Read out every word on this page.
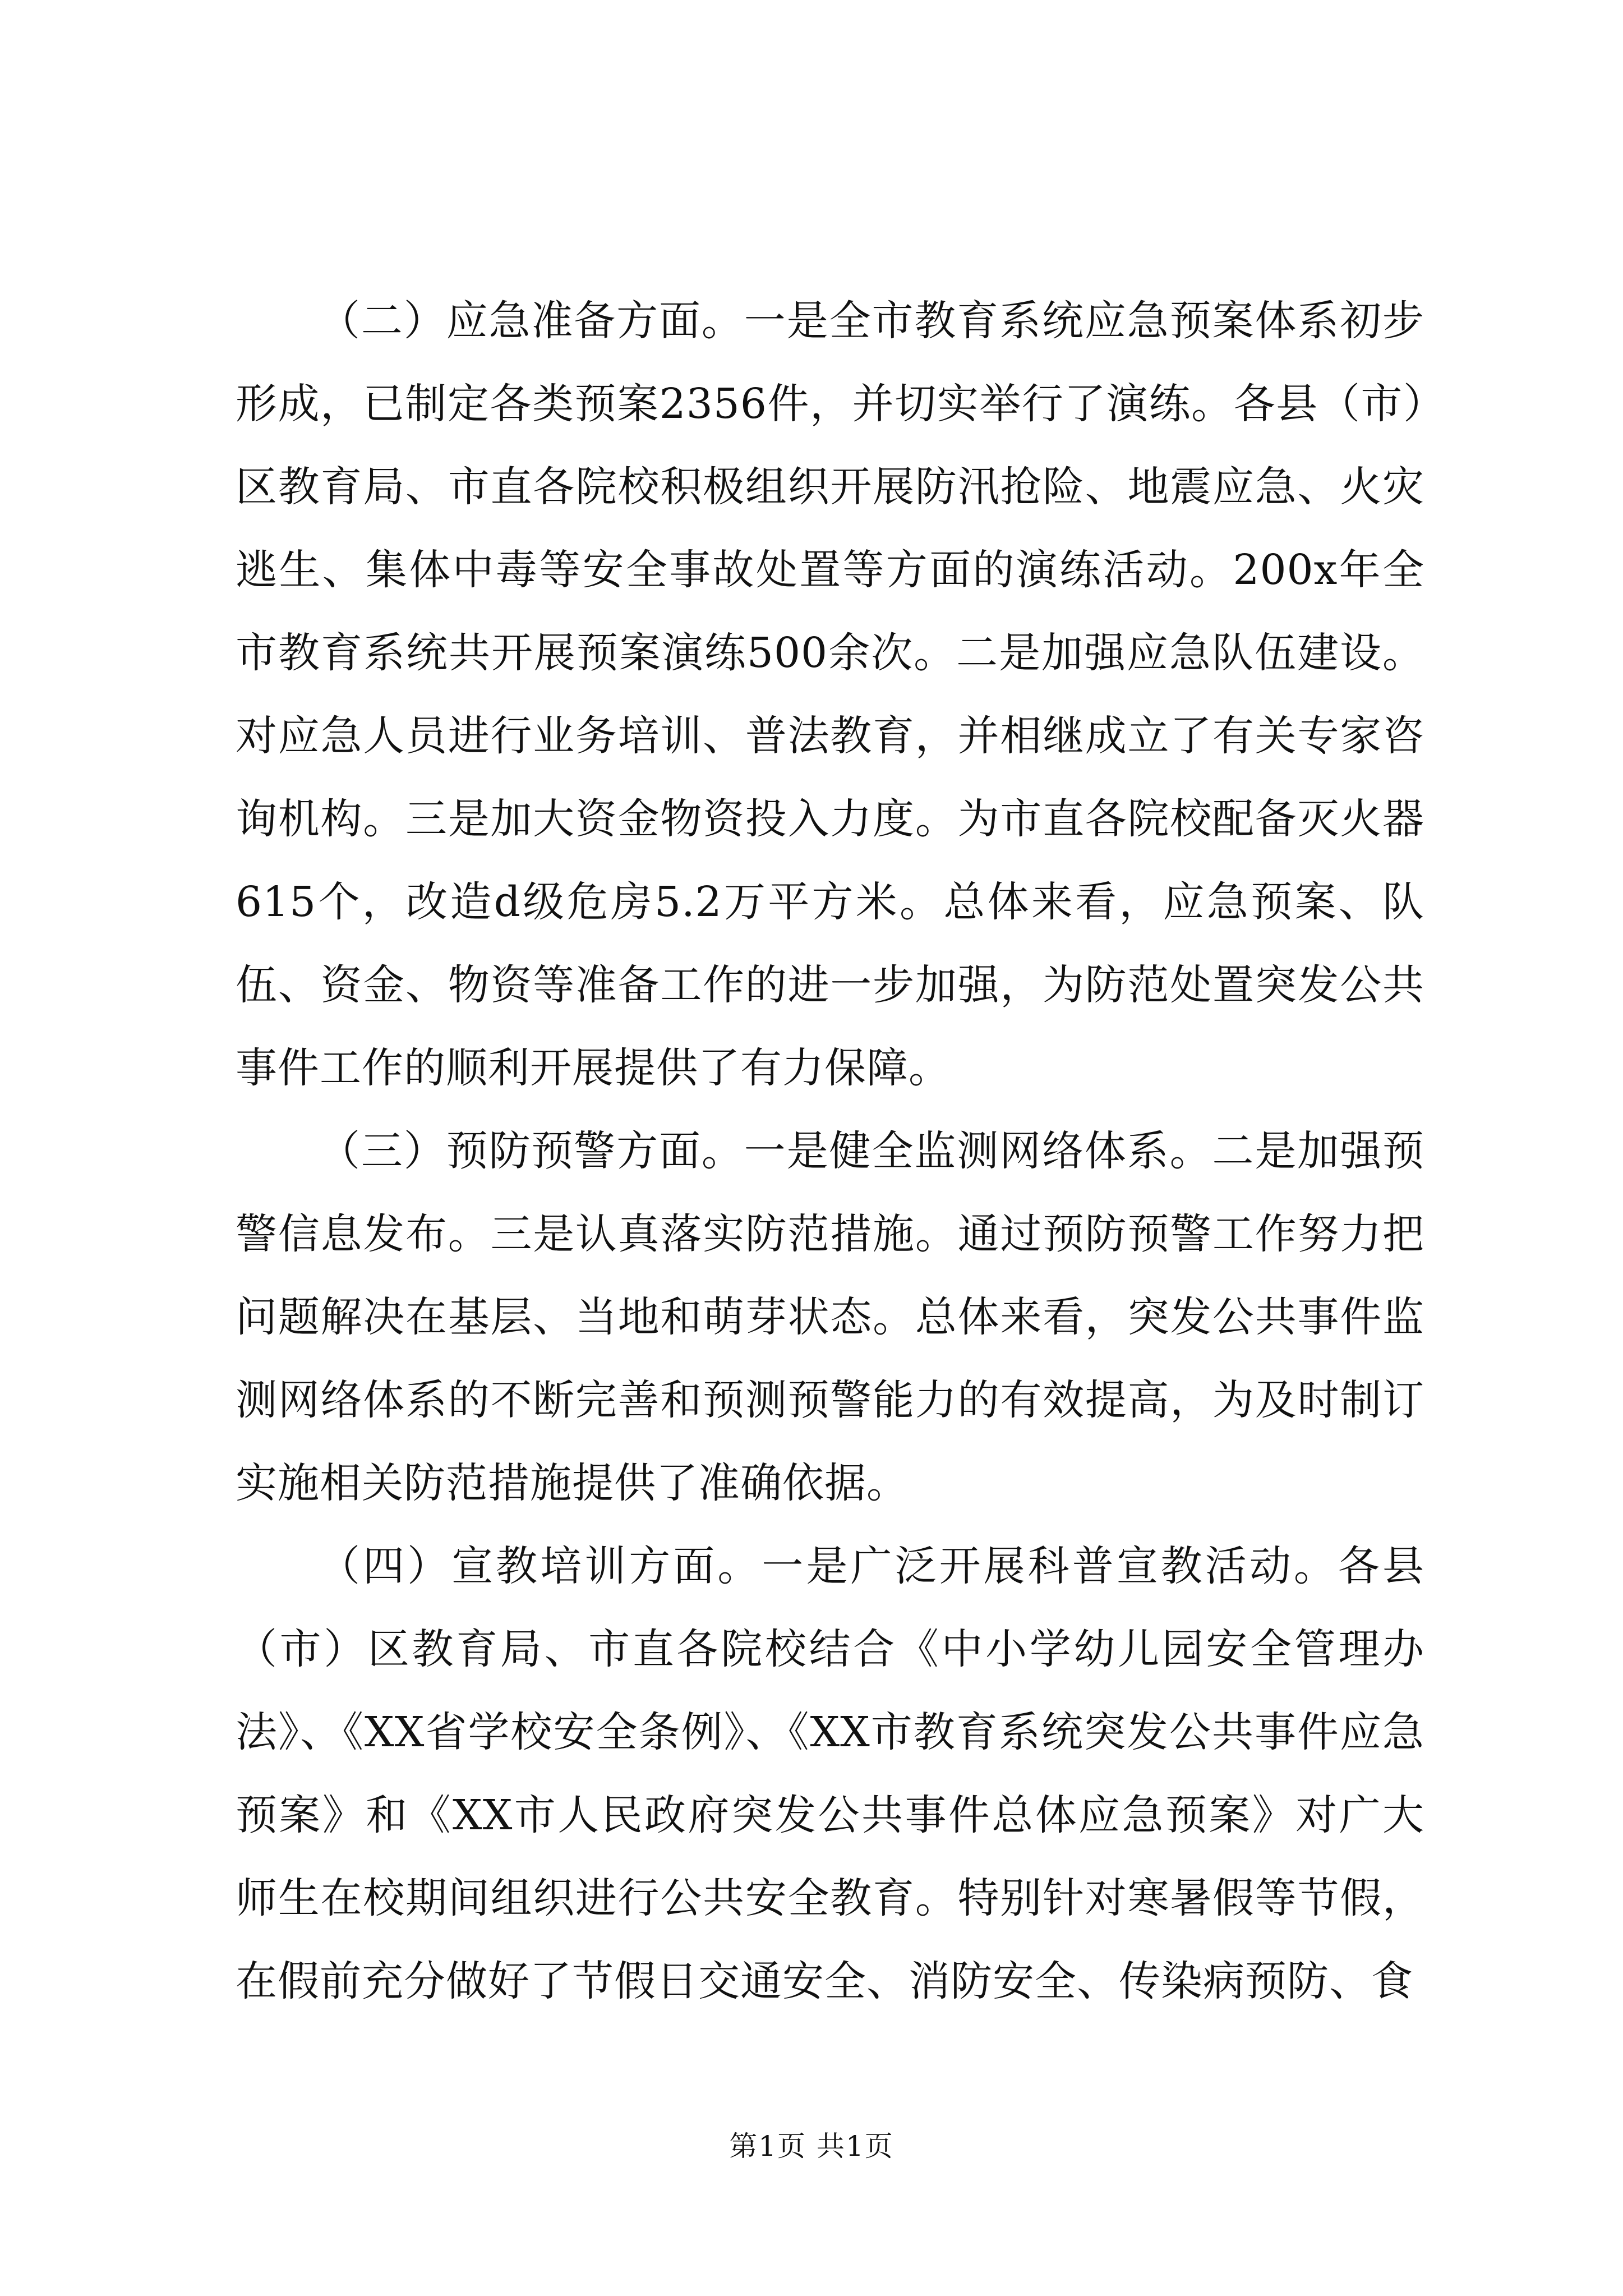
（二）应急准备方面。一是全市教育系统应急预案体系初步形成，已制定各类预案2356件，并切实举行了演练。各县（市）区教育局、市直各院校积极组织开展防汛抢险、地震应急、火灾逃生、集体中毒等安全事故处置等方面的演练活动。200x年全市教育系统共开展预案演练500余次。二是加强应急队伍建设。对应急人员进行业务培训、普法教育，并相继成立了有关专家咨询机构。三是加大资金物资投入力度。为市直各院校配备灭火器615个，改造d级危房5.2万平方米。总体来看，应急预案、队伍、资金、物资等准备工作的进一步加强，为防范处置突发公共事件工作的顺利开展提供了有力保障。

（三）预防预警方面。一是健全监测网络体系。二是加强预警信息发布。三是认真落实防范措施。通过预防预警工作努力把问题解决在基层、当地和萌芽状态。总体来看，突发公共事件监测网络体系的不断完善和预测预警能力的有效提高，为及时制订实施相关防范措施提供了准确依据。

（四）宣教培训方面。一是广泛开展科普宣教活动。各县（市）区教育局、市直各院校结合《中小学幼儿园安全管理办法》、《XX省学校安全条例》、《XX市教育系统突发公共事件应急预案》和《XX市人民政府突发公共事件总体应急预案》对广大师生在校期间组织进行公共安全教育。特别针对寒暑假等节假，在假前充分做好了节假日交通安全、消防安全、传染病预防、食

第1页 共1页
